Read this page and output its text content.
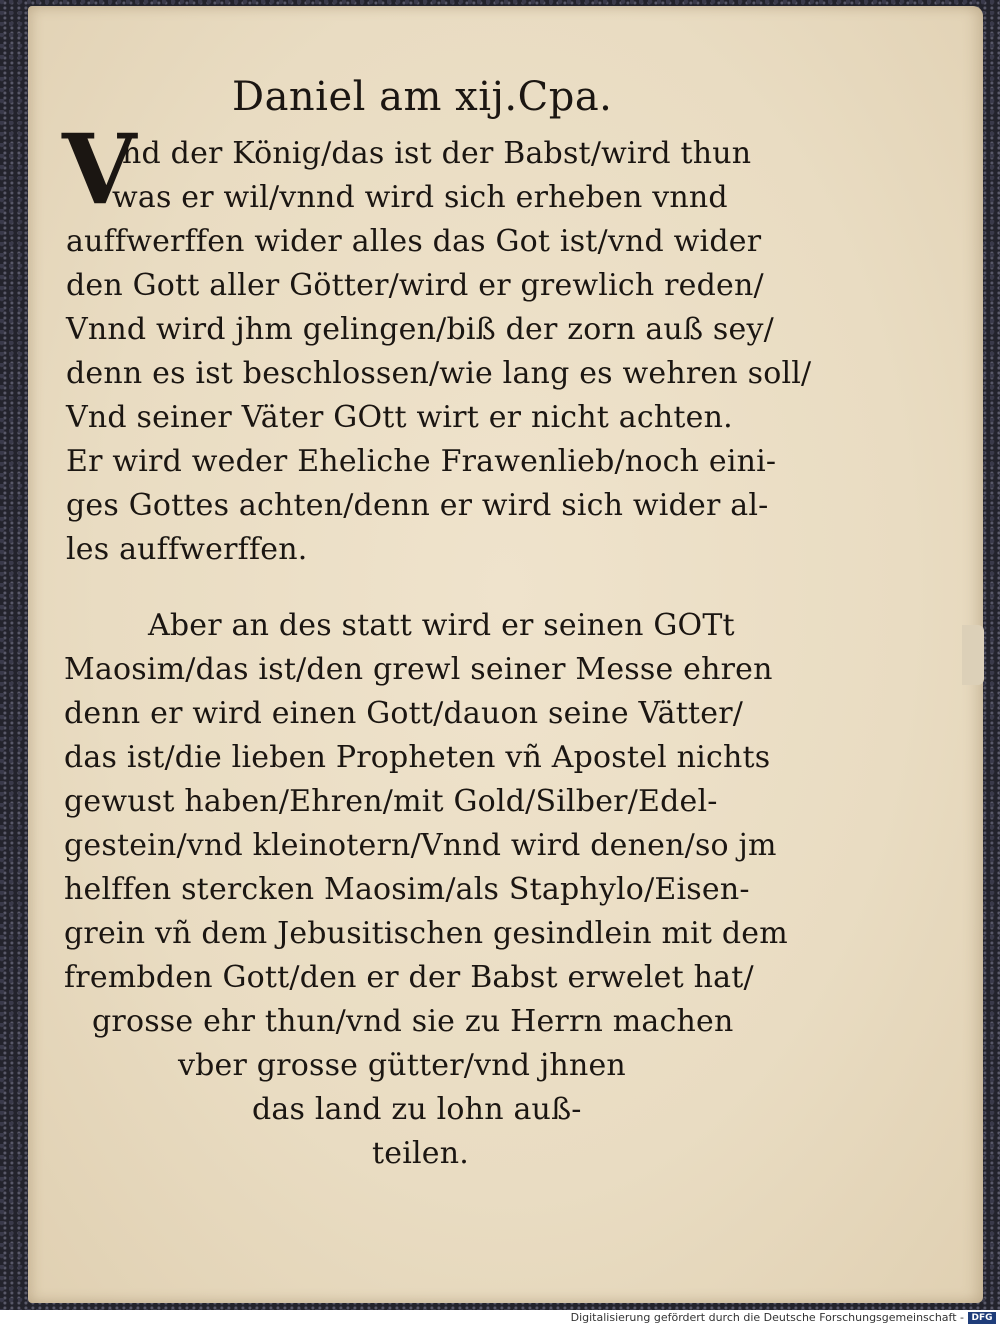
Daniel am xij.Cpa.
V
nd der König/das ist der Babst/wird thun
was er wil/vnnd wird sich erheben vnnd
auffwerffen wider alles das Got ist/vnd wider
den Gott aller Götter/wird er grewlich reden/
Vnnd wird jhm gelingen/biß der zorn auß sey/
denn es ist beschlossen/wie lang es wehren soll/
Vnd seiner Väter GOtt wirt er nicht achten.
Er wird weder Eheliche Frawenlieb/noch eini-
ges Gottes achten/denn er wird sich wider al-
les auffwerffen.
Aber an des statt wird er seinen GOTt
Maosim/das ist/den grewl seiner Messe ehren
denn er wird einen Gott/dauon seine Vätter/
das ist/die lieben Propheten vñ Apostel nichts
gewust haben/Ehren/mit Gold/Silber/Edel-
gestein/vnd kleinotern/Vnnd wird denen/so jm
helffen stercken Maosim/als Staphylo/Eisen-
grein vñ dem Jebusitischen gesindlein mit dem
frembden Gott/den er der Babst erwelet hat/
grosse ehr thun/vnd sie zu Herrn machen
vber grosse gütter/vnd jhnen
das land zu lohn auß-
teilen.
Digitalisierung gefördert durch die Deutsche Forschungsgemeinschaft - DFG
